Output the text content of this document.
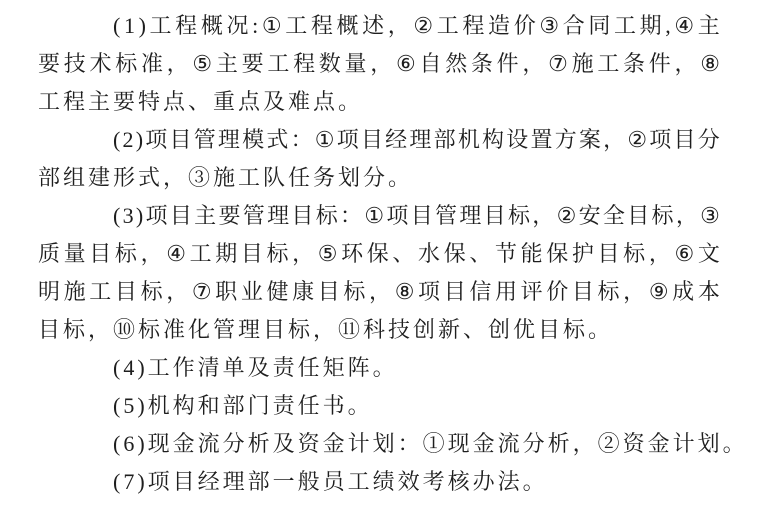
( 1 ) 工 程 概 况 : ① 工 程 概 述 ， ② 工 程 造 价 ③ 合 同 工 期 , ④ 主
要 技 术 标 准 ， ⑤ 主 要 工 程 数 量 ， ⑥ 自 然 条 件 ， ⑦ 施 工 条 件 ， ⑧
工程主要特点、重点及难点。
( 2 ) 项 目 管 理 模 式 ： ① 项 目 经 理 部 机 构 设 置 方 案 ， ② 项 目 分
部组建形式，③施工队任务划分。
( 3 ) 项 目 主 要 管 理 目 标 ： ① 项 目 管 理 目 标 ， ② 安 全 目 标 ， ③
质 量 目 标 ， ④ 工 期 目 标 ， ⑤ 环 保 、 水 保 、 节 能 保 护 目 标 ， ⑥ 文
明 施 工 目 标 ， ⑦ 职 业 健 康 目 标 ， ⑧ 项 目 信 用 评 价 目 标 ， ⑨ 成 本
目标，⑩标准化管理目标，⑪科技创新、创优目标。
(4)工作清单及责任矩阵。
(5)机构和部门责任书。
(6)现金流分析及资金计划：①现金流分析，②资金计划。
(7)项目经理部一般员工绩效考核办法。
